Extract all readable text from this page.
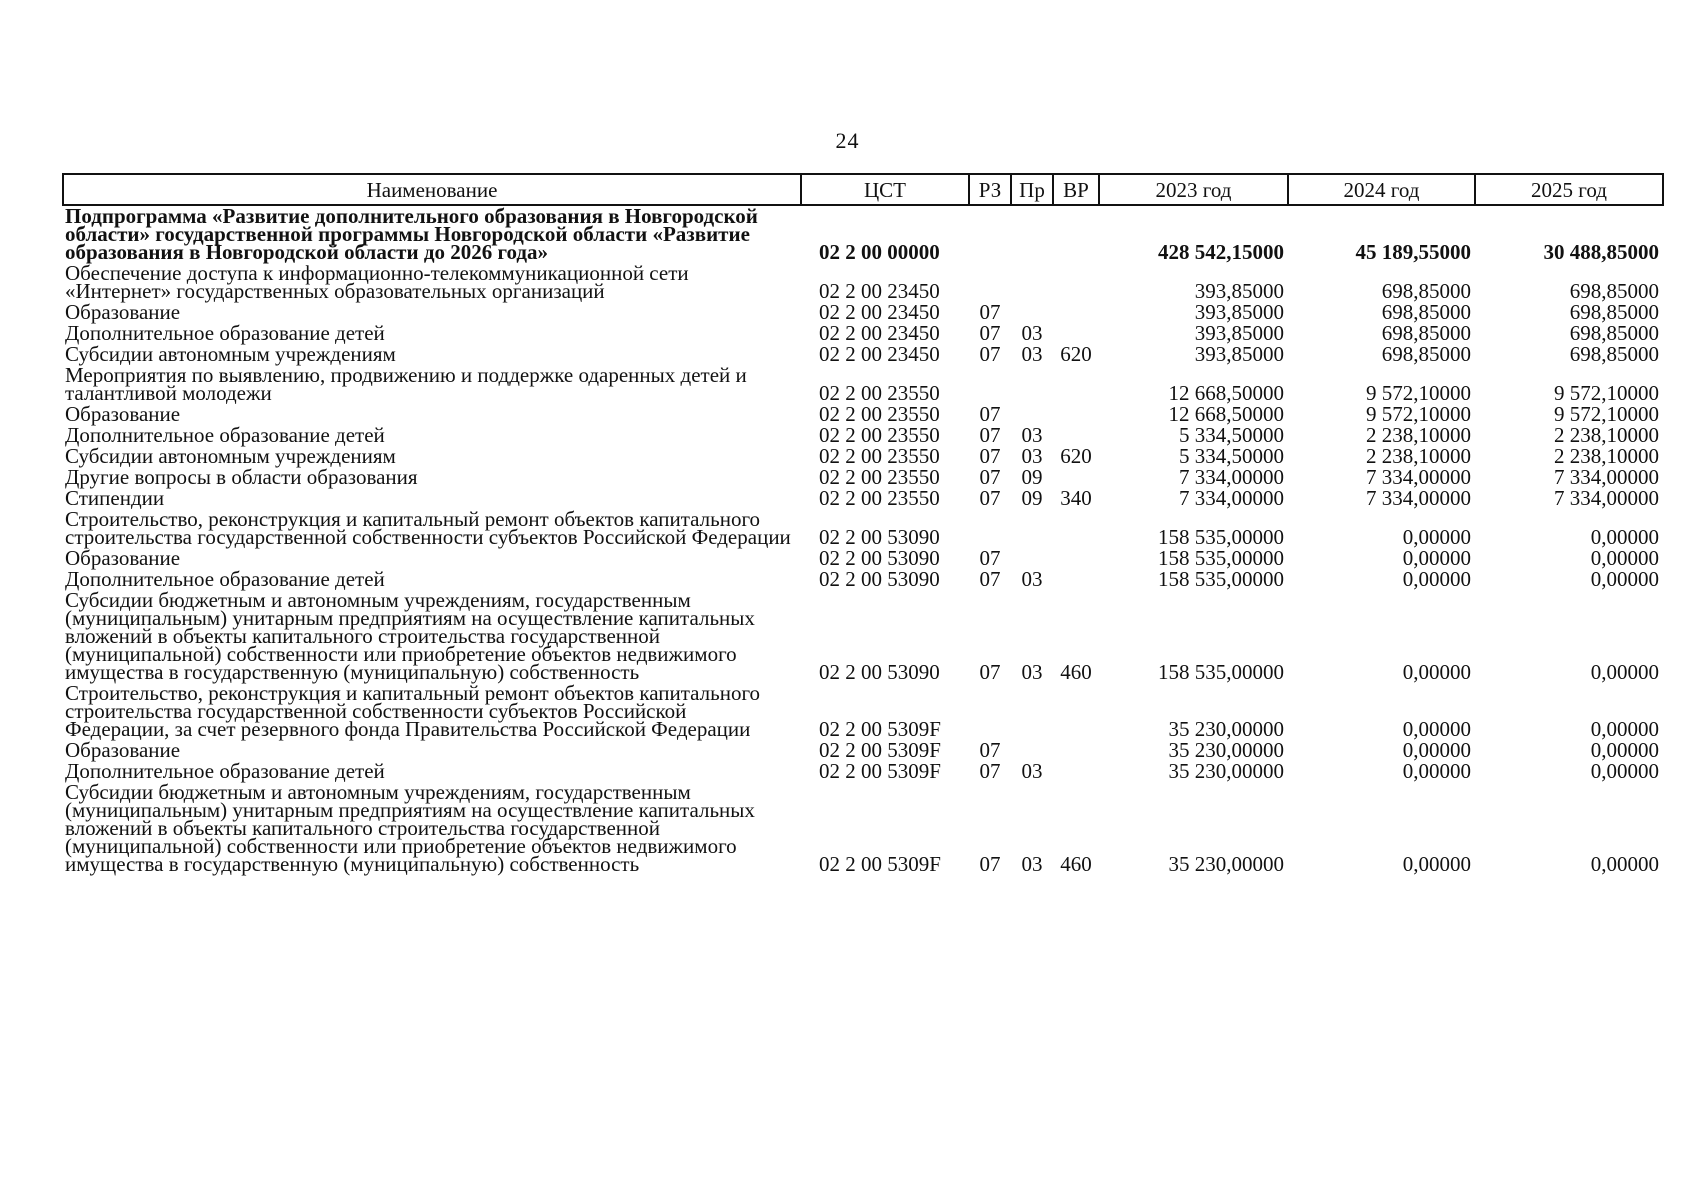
24
Наименование	ЦСТ	РЗ	Пр	ВР	2023 год	2024 год	2025 год
Подпрограмма «Развитие дополнительного образования в Новгородской области» государственной программы Новгородской области «Развитие образования в Новгородской области до 2026 года»	02 2 00 00000				428 542,15000	45 189,55000	30 488,85000
Обеспечение доступа к информационно-телекоммуникационной сети «Интернет» государственных образовательных организаций	02 2 00 23450				393,85000	698,85000	698,85000
Образование	02 2 00 23450	07			393,85000	698,85000	698,85000
Дополнительное образование детей	02 2 00 23450	07	03		393,85000	698,85000	698,85000
Субсидии автономным учреждениям	02 2 00 23450	07	03	620	393,85000	698,85000	698,85000
Мероприятия по выявлению, продвижению и поддержке одаренных детей и талантливой молодежи	02 2 00 23550				12 668,50000	9 572,10000	9 572,10000
Образование	02 2 00 23550	07			12 668,50000	9 572,10000	9 572,10000
Дополнительное образование детей	02 2 00 23550	07	03		5 334,50000	2 238,10000	2 238,10000
Субсидии автономным учреждениям	02 2 00 23550	07	03	620	5 334,50000	2 238,10000	2 238,10000
Другие вопросы в области образования	02 2 00 23550	07	09		7 334,00000	7 334,00000	7 334,00000
Стипендии	02 2 00 23550	07	09	340	7 334,00000	7 334,00000	7 334,00000
Строительство, реконструкция и капитальный ремонт объектов капитального строительства государственной собственности субъектов Российской Федерации	02 2 00 53090				158 535,00000	0,00000	0,00000
Образование	02 2 00 53090	07			158 535,00000	0,00000	0,00000
Дополнительное образование детей	02 2 00 53090	07	03		158 535,00000	0,00000	0,00000
Субсидии бюджетным и автономным учреждениям, государственным (муниципальным) унитарным предприятиям на осуществление капитальных вложений в объекты капитального строительства государственной (муниципальной) собственности или приобретение объектов недвижимого имущества в государственную (муниципальную) собственность	02 2 00 53090	07	03	460	158 535,00000	0,00000	0,00000
Строительство, реконструкция и капитальный ремонт объектов капитального строительства государственной собственности субъектов Российской Федерации, за счет резервного фонда Правительства Российской Федерации	02 2 00 5309F				35 230,00000	0,00000	0,00000
Образование	02 2 00 5309F	07			35 230,00000	0,00000	0,00000
Дополнительное образование детей	02 2 00 5309F	07	03		35 230,00000	0,00000	0,00000
Субсидии бюджетным и автономным учреждениям, государственным (муниципальным) унитарным предприятиям на осуществление капитальных вложений в объекты капитального строительства государственной (муниципальной) собственности или приобретение объектов недвижимого имущества в государственную (муниципальную) собственность	02 2 00 5309F	07	03	460	35 230,00000	0,00000	0,00000
